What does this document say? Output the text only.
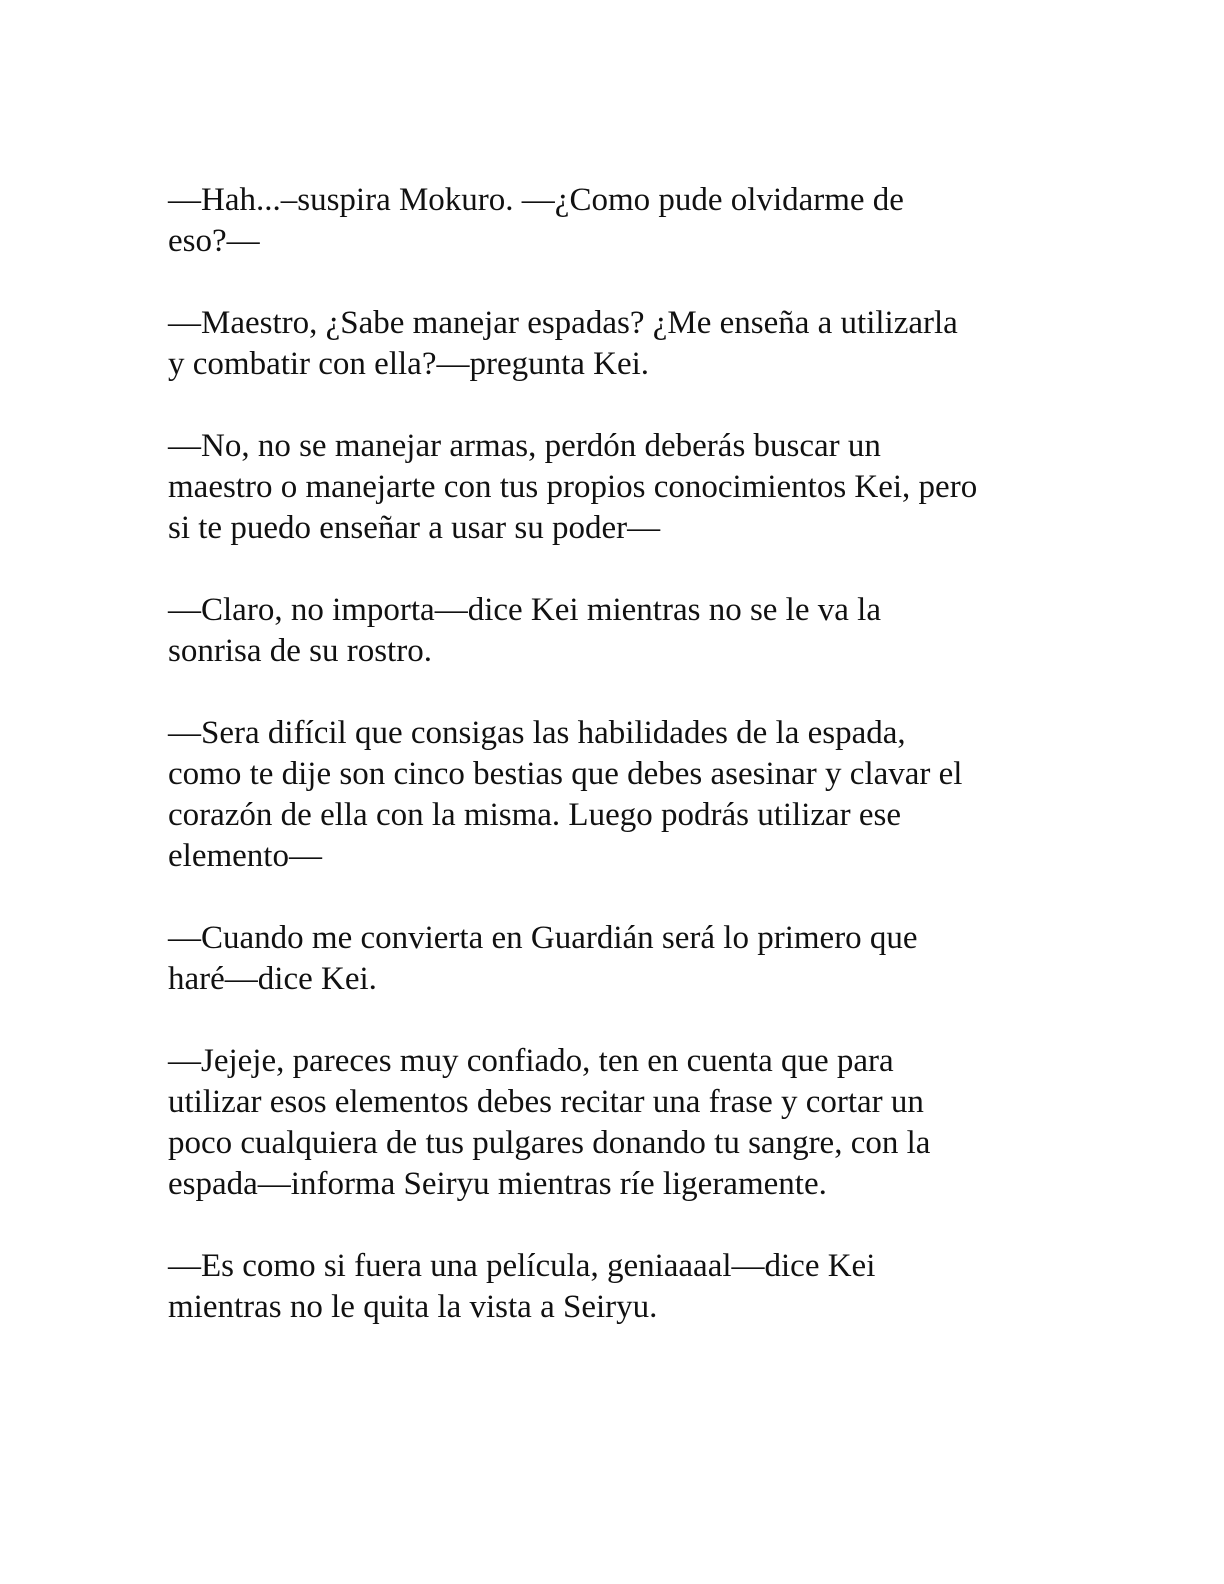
—Hah...–suspira Mokuro. —¿Como pude olvidarme de
eso?—

—Maestro, ¿Sabe manejar espadas? ¿Me enseña a utilizarla
y combatir con ella?—pregunta Kei.

—No, no se manejar armas, perdón deberás buscar un
maestro o manejarte con tus propios conocimientos Kei, pero
si te puedo enseñar a usar su poder—

—Claro, no importa—dice Kei mientras no se le va la
sonrisa de su rostro.

—Sera difícil que consigas las habilidades de la espada,
como te dije son cinco bestias que debes asesinar y clavar el
corazón de ella con la misma. Luego podrás utilizar ese
elemento—

—Cuando me convierta en Guardián será lo primero que
haré—dice Kei.

—Jejeje, pareces muy confiado, ten en cuenta que para
utilizar esos elementos debes recitar una frase y cortar un
poco cualquiera de tus pulgares donando tu sangre, con la
espada—informa Seiryu mientras ríe ligeramente.

—Es como si fuera una película, geniaaaal—dice Kei
mientras no le quita la vista a Seiryu.
